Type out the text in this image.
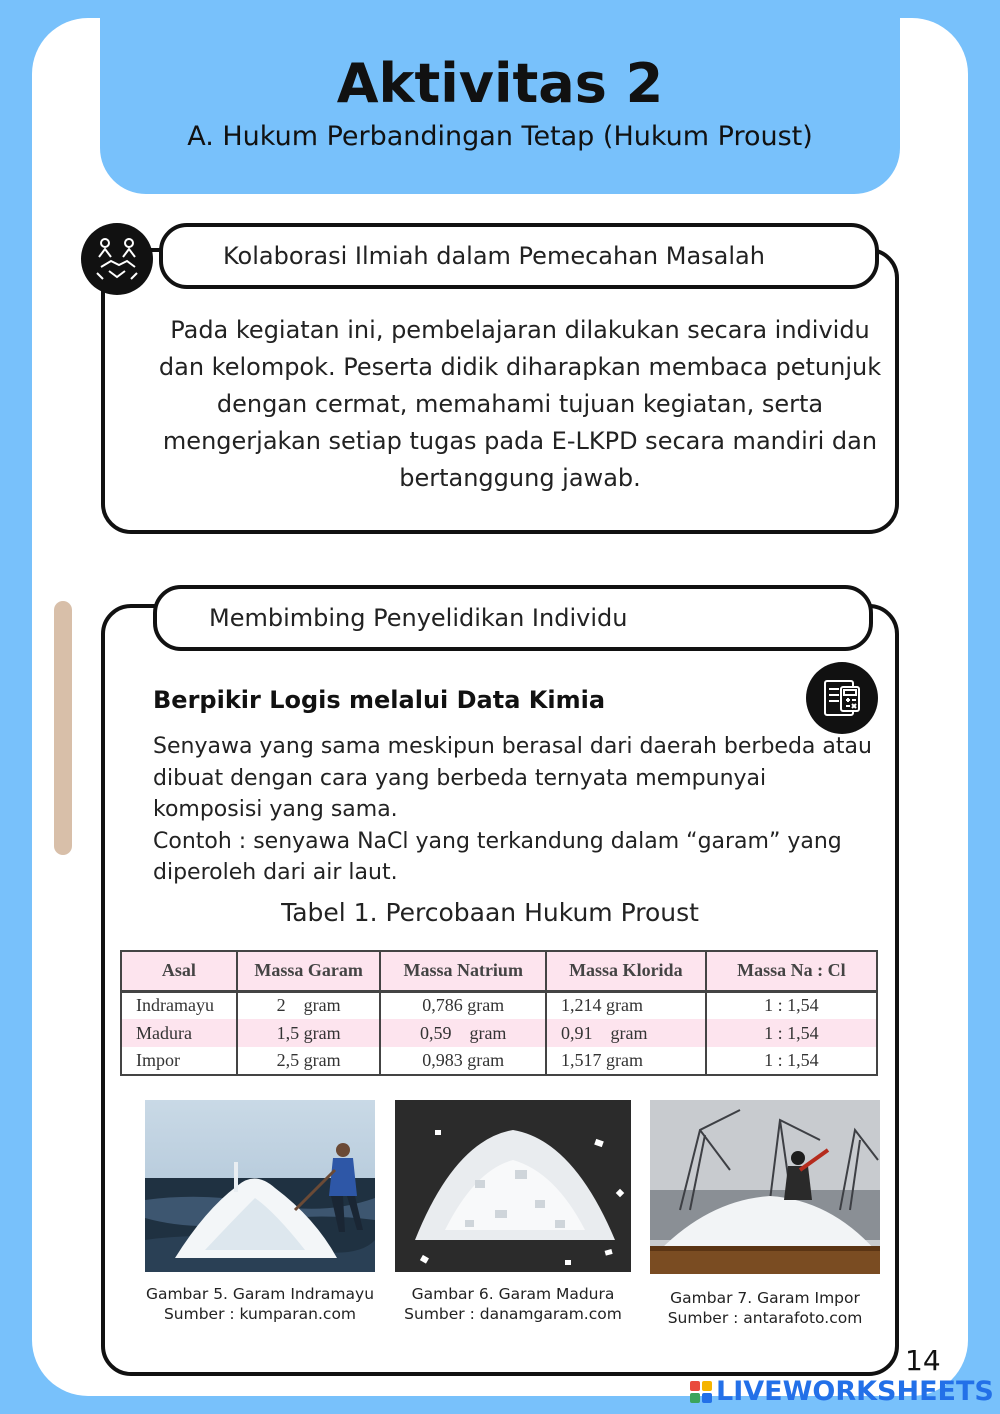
Aktivitas 2
A. Hukum Perbandingan Tetap (Hukum Proust)
Kolaborasi Ilmiah dalam Pemecahan Masalah
Pada kegiatan ini, pembelajaran dilakukan secara individu dan kelompok. Peserta didik diharapkan membaca petunjuk dengan cermat, memahami tujuan kegiatan, serta mengerjakan setiap tugas pada E-LKPD secara mandiri dan bertanggung jawab.
Membimbing Penyelidikan Individu
Berpikir Logis melalui Data Kimia
Senyawa yang sama meskipun berasal dari daerah berbeda atau dibuat dengan cara yang berbeda ternyata mempunyai komposisi yang sama.
Contoh : senyawa NaCl yang terkandung dalam “garam” yang diperoleh dari air laut.
Tabel 1. Percobaan Hukum Proust
Asal	Massa Garam	Massa Natrium	Massa Klorida	Massa Na : Cl
Indramayu	2    gram	0,786 gram	1,214 gram	1 : 1,54
Madura	1,5 gram	0,59    gram	0,91    gram	1 : 1,54
Impor	2,5 gram	0,983 gram	1,517 gram	1 : 1,54
Gambar 5. Garam Indramayu
Sumber : kumparan.com
Gambar 6. Garam Madura
Sumber : danamgaram.com
Gambar 7. Garam Impor
Sumber : antarafoto.com
14
LIVEWORKSHEETS
